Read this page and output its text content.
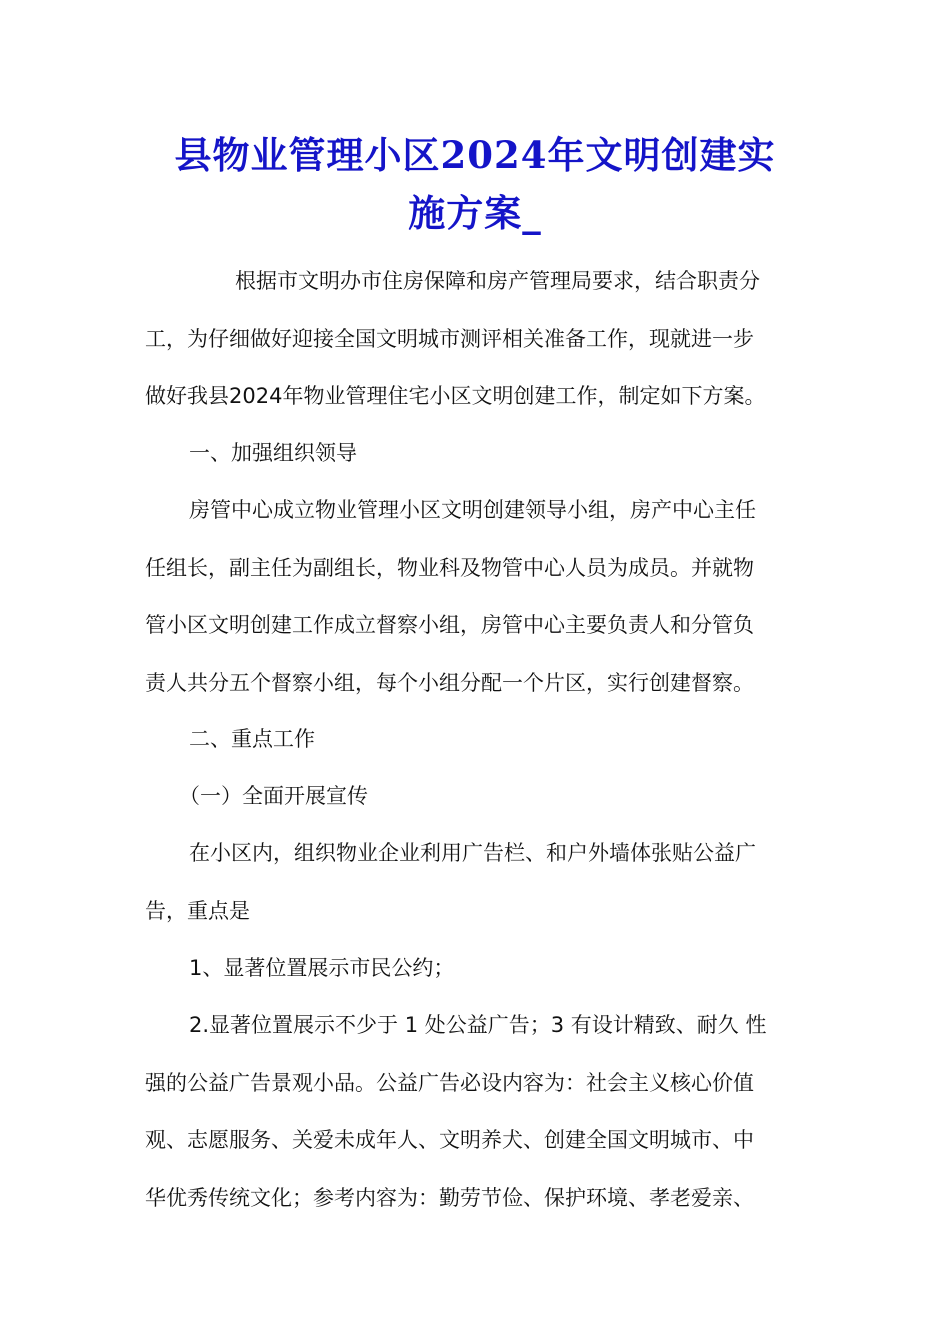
县物业管理小区2024年文明创建实
施方案_
根据市文明办市住房保障和房产管理局要求，结合职责分
工，为仔细做好迎接全国文明城市测评相关准备工作，现就进一步
做好我县2024年物业管理住宅小区文明创建工作，制定如下方案。
一、加强组织领导
房管中心成立物业管理小区文明创建领导小组，房产中心主任
任组长，副主任为副组长，物业科及物管中心人员为成员。并就物
管小区文明创建工作成立督察小组，房管中心主要负责人和分管负
责人共分五个督察小组，每个小组分配一个片区，实行创建督察。
二、重点工作
（一）全面开展宣传
在小区内，组织物业企业利用广告栏、和户外墙体张贴公益广
告，重点是
1、显著位置展示市民公约；
2.显著位置展示不少于 1 处公益广告；3 有设计精致、耐久 性
强的公益广告景观小品。公益广告必设内容为：社会主义核心价值
观、志愿服务、关爱未成年人、文明养犬、创建全国文明城市、中
华优秀传统文化；参考内容为：勤劳节俭、保护环境、孝老爱亲、
